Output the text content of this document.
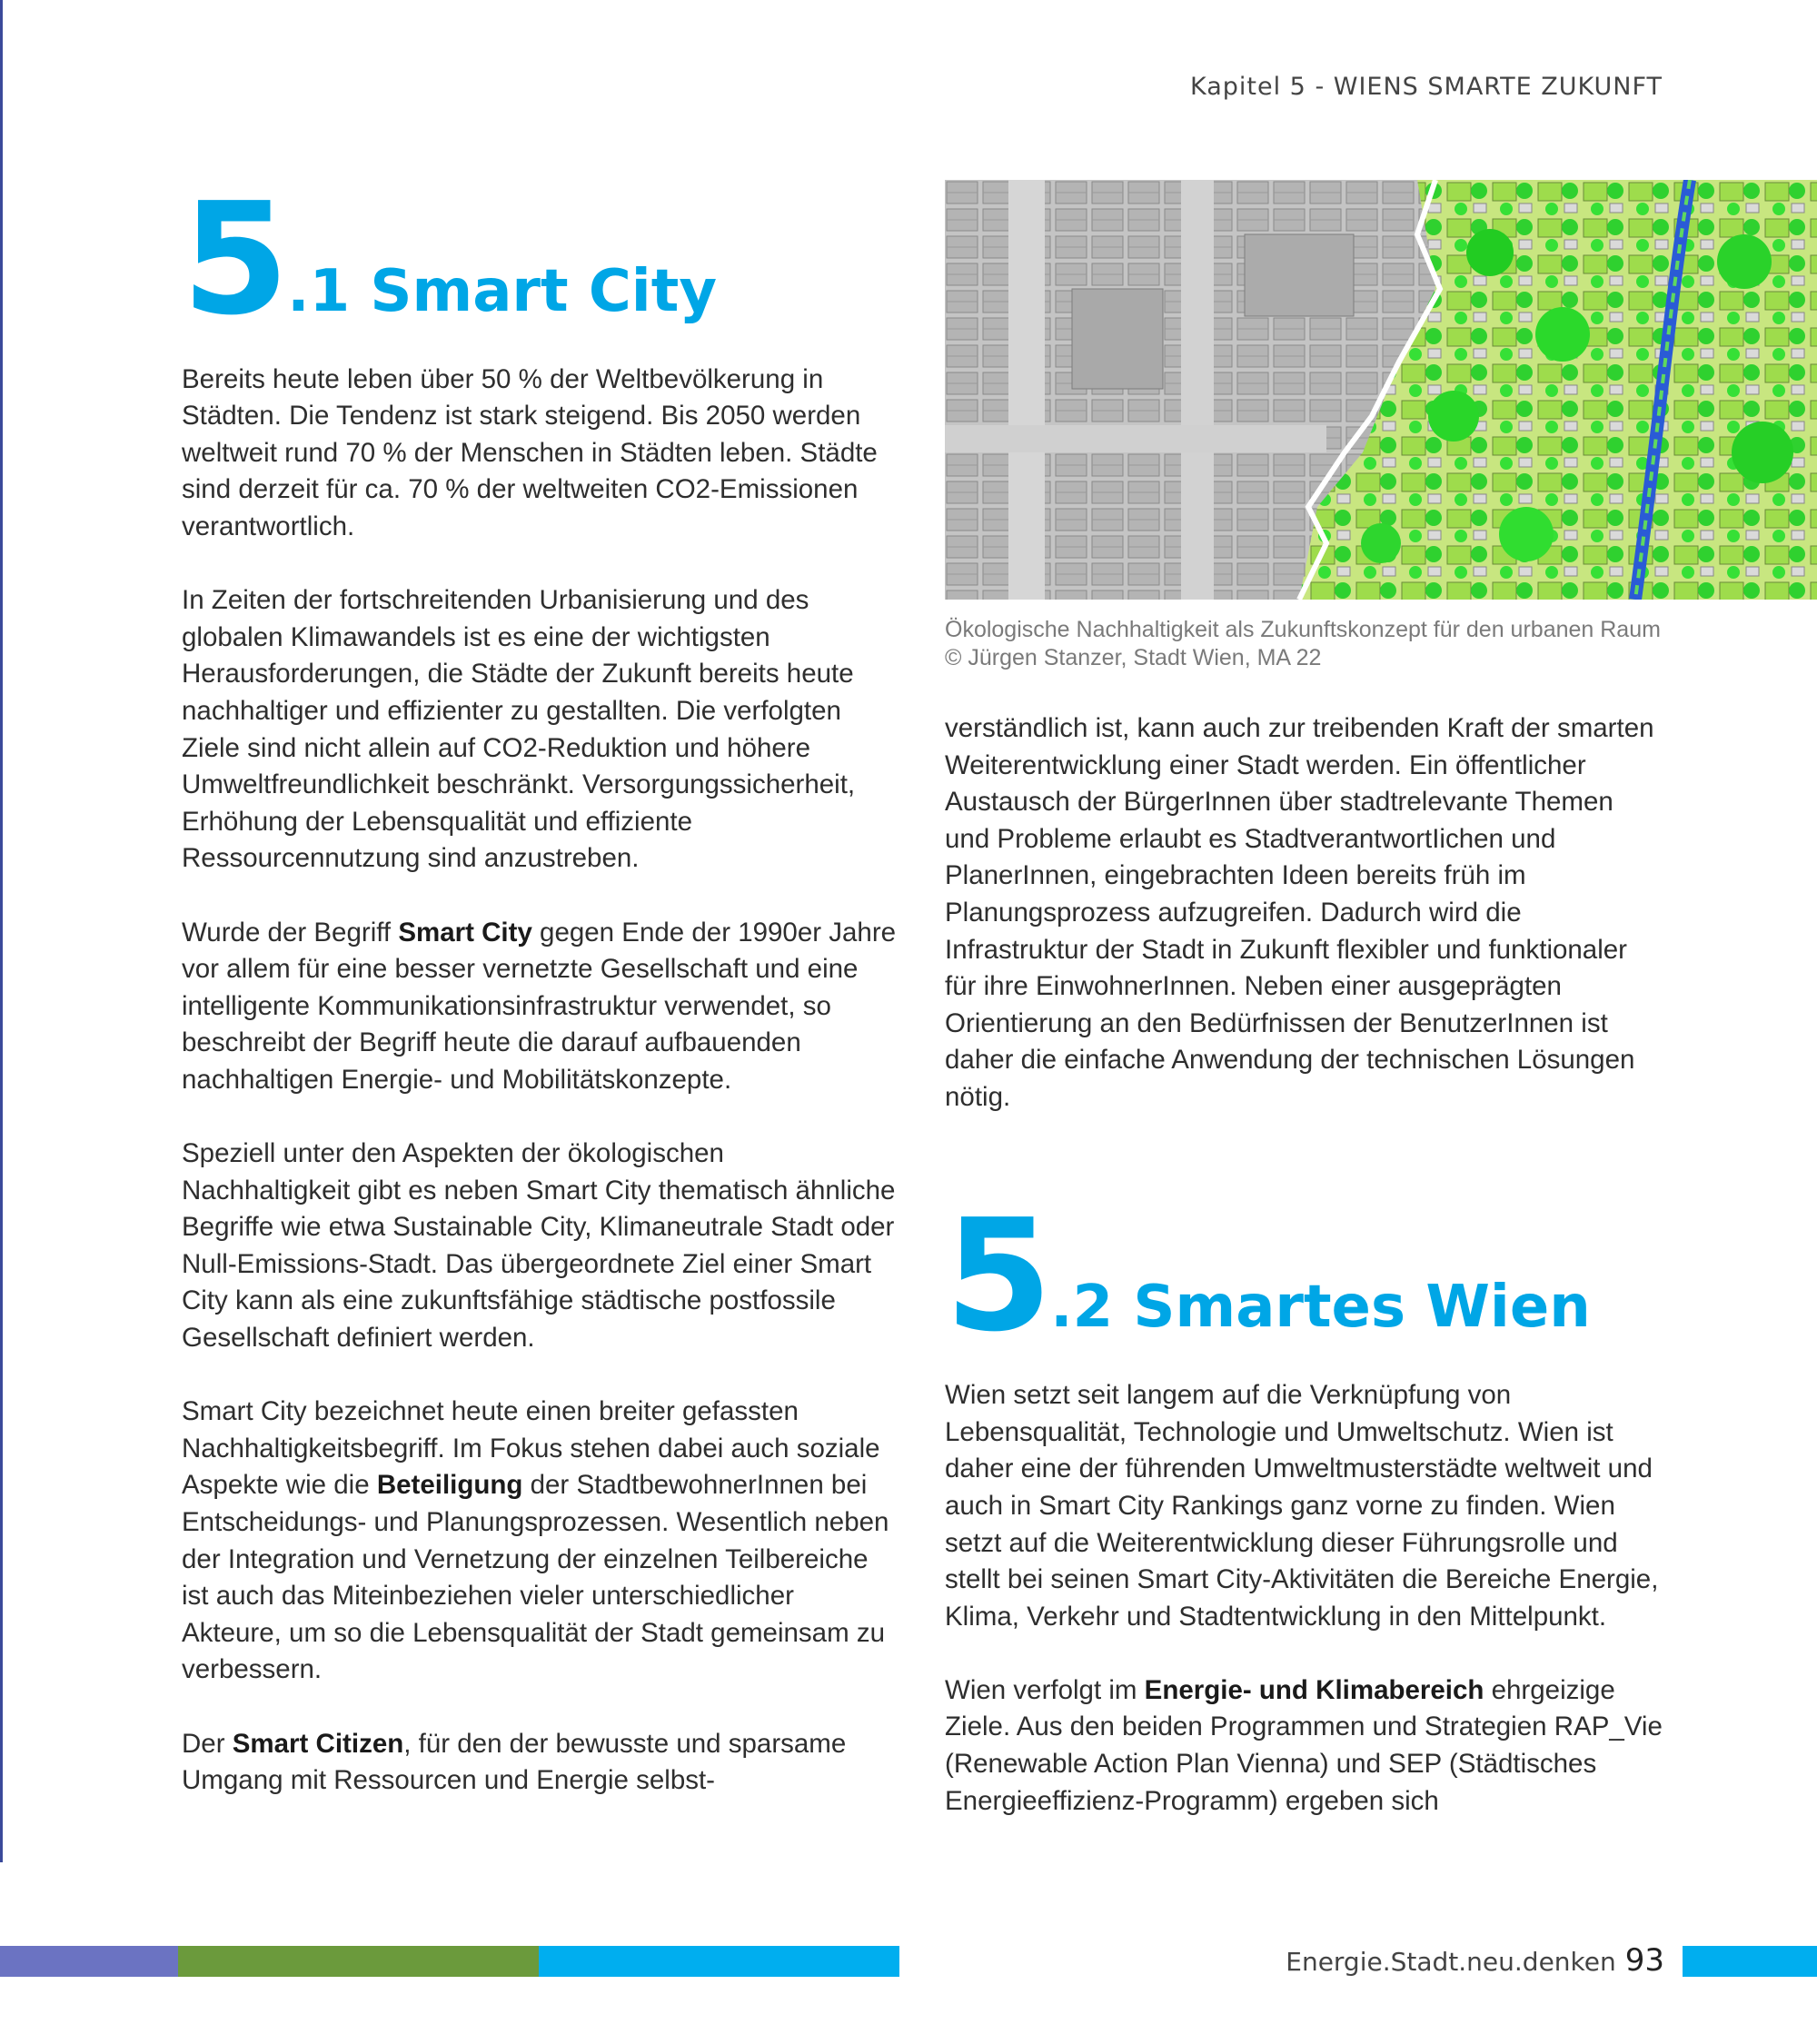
Kapitel 5 - WIENS SMARTE ZUKUNFT
5 .1 Smart City

Bereits heute leben über 50 % der Weltbevölkerung in Städten. Die Tendenz ist stark steigend. Bis 2050 werden weltweit rund 70 % der Menschen in Städten leben. Städte sind derzeit für ca. 70 % der weltweiten CO2-Emissionen verantwortlich.

In Zeiten der fortschreitenden Urbanisierung und des globalen Klimawandels ist es eine der wichtigsten Herausforderungen, die Städte der Zukunft bereits heute nachhaltiger und effizienter zu gestallten. Die verfolgten Ziele sind nicht allein auf CO2-Reduktion und höhere Umweltfreundlichkeit beschränkt. Versorgungssicherheit, Erhöhung der Lebensqualität und effiziente Ressourcennutzung sind anzustreben.

Wurde der Begriff Smart City gegen Ende der 1990er Jahre vor allem für eine besser vernetzte Gesellschaft und eine intelligente Kommunikationsinfrastruktur verwendet, so beschreibt der Begriff heute die darauf aufbauenden nachhaltigen Energie- und Mobilitätskonzepte.

Speziell unter den Aspekten der ökologischen Nachhaltigkeit gibt es neben Smart City thematisch ähnliche Begriffe wie etwa Sustainable City, Klimaneutrale Stadt oder Null-Emissions-Stadt. Das übergeordnete Ziel einer Smart City kann als eine zukunftsfähige städtische postfossile Gesellschaft definiert werden.

Smart City bezeichnet heute einen breiter gefassten Nachhaltigkeitsbegriff. Im Fokus stehen dabei auch soziale Aspekte wie die Beteiligung der StadtbewohnerInnen bei Entscheidungs- und Planungsprozessen. Wesentlich neben der Integration und Vernetzung der einzelnen Teilbereiche ist auch das Miteinbeziehen vieler unterschiedlicher Akteure, um so die Lebensqualität der Stadt gemeinsam zu verbessern.

Der Smart Citizen, für den der bewusste und sparsame Umgang mit Ressourcen und Energie selbst-

Ökologische Nachhaltigkeit als Zukunftskonzept für den urbanen Raum © Jürgen Stanzer, Stadt Wien, MA 22

verständlich ist, kann auch zur treibenden Kraft der smarten Weiterentwicklung einer Stadt werden. Ein öffentlicher Austausch der BürgerInnen über stadtrelevante Themen und Probleme erlaubt es StadtverantwortIichen und PlanerInnen, eingebrachten Ideen bereits früh im Planungsprozess aufzugreifen. Dadurch wird die Infrastruktur der Stadt in Zukunft flexibler und funktionaler für ihre EinwohnerInnen. Neben einer ausgeprägten Orientierung an den Bedürfnissen der BenutzerInnen ist daher die einfache Anwendung der technischen Lösungen nötig.

5 .2 Smartes Wien

Wien setzt seit langem auf die Verknüpfung von Lebensqualität, Technologie und Umweltschutz. Wien ist daher eine der führenden Umweltmusterstädte weltweit und auch in Smart City Rankings ganz vorne zu finden. Wien setzt auf die Weiterentwicklung dieser Führungsrolle und stellt bei seinen Smart City-Aktivitäten die Bereiche Energie, Klima, Verkehr und Stadtentwicklung in den Mittelpunkt.

Wien verfolgt im Energie- und Klimabereich ehrgeizige Ziele. Aus den beiden Programmen und Strategien RAP_Vie (Renewable Action Plan Vienna) und SEP (Städtisches Energieeffizienz-Programm) ergeben sich

Energie.Stadt.neu.denken 93
